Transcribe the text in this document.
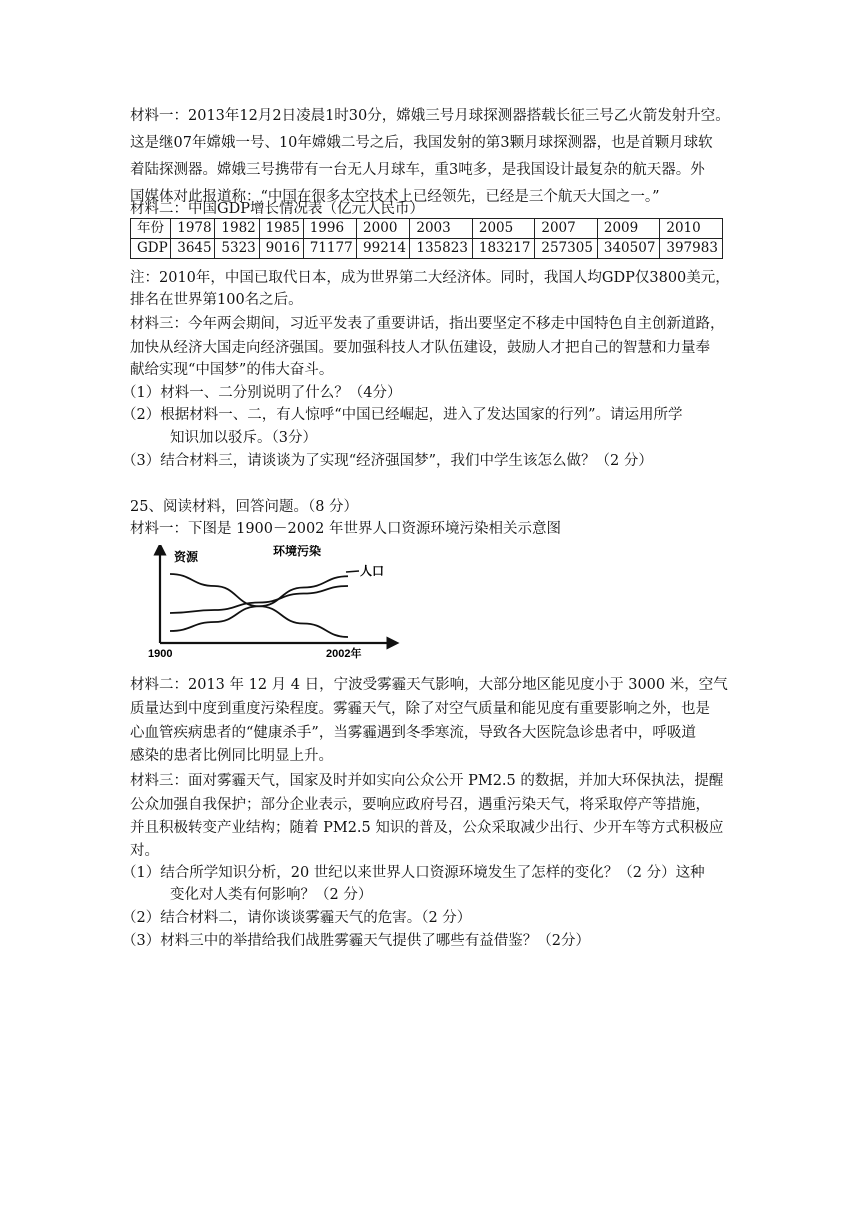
材料一：2013年12月2日凌晨1时30分，嫦娥三号月球探测器搭载长征三号乙火箭发射升空。
这是继07年嫦娥一号、10年嫦娥二号之后，我国发射的第3颗月球探测器，也是首颗月球软
着陆探测器。嫦娥三号携带有一台无人月球车，重3吨多，是我国设计最复杂的航天器。外
国媒体对此报道称：“中国在很多太空技术上已经领先，已经是三个航天大国之一。”
材料二：中国GDP增长情况表（亿元人民币）
年份	1978	1982	1985	1996	2000	2003	2005	2007	2009	2010
GDP	3645	5323	9016	71177	99214	135823	183217	257305	340507	397983
注：2010年，中国已取代日本，成为世界第二大经济体。同时，我国人均GDP仅3800美元，
排名在世界第100名之后。
材料三：今年两会期间，习近平发表了重要讲话，指出要坚定不移走中国特色自主创新道路，
加快从经济大国走向经济强国。要加强科技人才队伍建设，鼓励人才把自己的智慧和力量奉
献给实现“中国梦”的伟大奋斗。
（1）材料一、二分别说明了什么？（4分）
（2）根据材料一、二，有人惊呼“中国已经崛起，进入了发达国家的行列”。请运用所学
知识加以驳斥。（3分）
（3）结合材料三，请谈谈为了实现“经济强国梦”，我们中学生该怎么做？（2 分）
25、阅读材料，回答问题。（8 分）
材料一：下图是 1900－2002 年世界人口资源环境污染相关示意图
资源	环境污染
人口
1900	2002年
材料二：2013 年 12 月 4 日，宁波受雾霾天气影响，大部分地区能见度小于 3000 米，空气
质量达到中度到重度污染程度。雾霾天气，除了对空气质量和能见度有重要影响之外，也是
心血管疾病患者的“健康杀手”，当雾霾遇到冬季寒流，导致各大医院急诊患者中，呼吸道
感染的患者比例同比明显上升。
材料三：面对雾霾天气，国家及时并如实向公众公开 PM2.5 的数据，并加大环保执法，提醒
公众加强自我保护；部分企业表示，要响应政府号召，遇重污染天气，将采取停产等措施，
并且积极转变产业结构；随着 PM2.5 知识的普及，公众采取减少出行、少开车等方式积极应
对。
（1）结合所学知识分析，20 世纪以来世界人口资源环境发生了怎样的变化？（2 分）这种
变化对人类有何影响？（2 分）
（2）结合材料二，请你谈谈雾霾天气的危害。（2 分）
（3）材料三中的举措给我们战胜雾霾天气提供了哪些有益借鉴？（2分）
